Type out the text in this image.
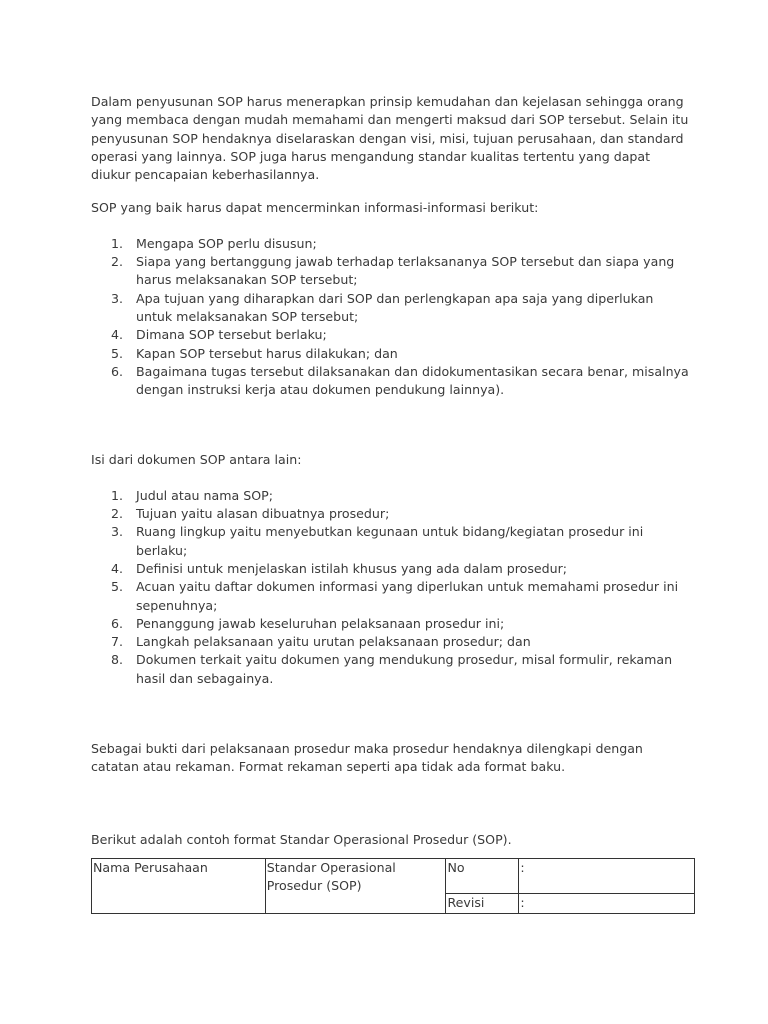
Dalam penyusunan SOP harus menerapkan prinsip kemudahan dan kejelasan sehingga orang yang membaca dengan mudah memahami dan mengerti maksud dari SOP tersebut. Selain itu penyusunan SOP hendaknya diselaraskan dengan visi, misi, tujuan perusahaan, dan standard operasi yang lainnya. SOP juga harus mengandung standar kualitas tertentu yang dapat diukur pencapaian keberhasilannya.

SOP yang baik harus dapat mencerminkan informasi-informasi berikut:

1. Mengapa SOP perlu disusun;
2. Siapa yang bertanggung jawab terhadap terlaksananya SOP tersebut dan siapa yang harus melaksanakan SOP tersebut;
3. Apa tujuan yang diharapkan dari SOP dan perlengkapan apa saja yang diperlukan untuk melaksanakan SOP tersebut;
4. Dimana SOP tersebut berlaku;
5. Kapan SOP tersebut harus dilakukan; dan
6. Bagaimana tugas tersebut dilaksanakan dan didokumentasikan secara benar, misalnya dengan instruksi kerja atau dokumen pendukung lainnya).

Isi dari dokumen SOP antara lain:

1. Judul atau nama SOP;
2. Tujuan yaitu alasan dibuatnya prosedur;
3. Ruang lingkup yaitu menyebutkan kegunaan untuk bidang/kegiatan prosedur ini berlaku;
4. Definisi untuk menjelaskan istilah khusus yang ada dalam prosedur;
5. Acuan yaitu daftar dokumen informasi yang diperlukan untuk memahami prosedur ini sepenuhnya;
6. Penanggung jawab keseluruhan pelaksanaan prosedur ini;
7. Langkah pelaksanaan yaitu urutan pelaksanaan prosedur; dan
8. Dokumen terkait yaitu dokumen yang mendukung prosedur, misal formulir, rekaman hasil dan sebagainya.

Sebagai bukti dari pelaksanaan prosedur maka prosedur hendaknya dilengkapi dengan catatan atau rekaman. Format rekaman seperti apa tidak ada format baku.

Berikut adalah contoh format Standar Operasional Prosedur (SOP).

Nama Perusahaan	Standar Operasional Prosedur (SOP)	No	:
		Revisi	:
